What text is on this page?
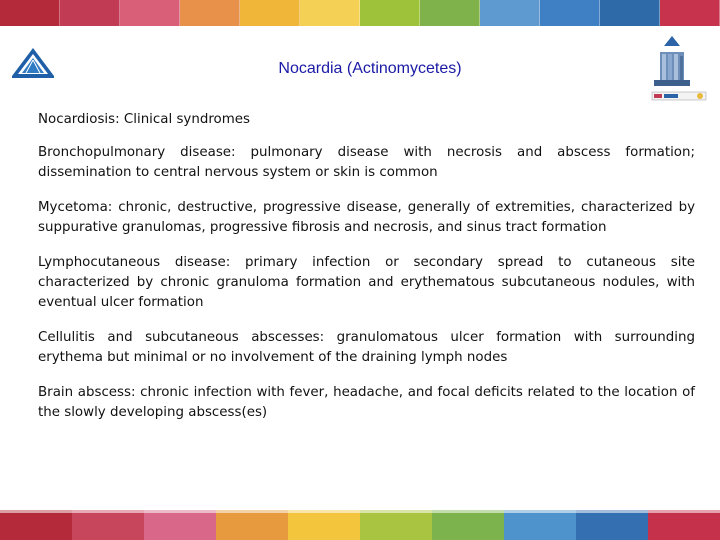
Nocardia (Actinomycetes)
Nocardiosis: Clinical syndromes

Bronchopulmonary disease: pulmonary disease with necrosis and abscess formation; dissemination to central nervous system or skin is common

Mycetoma: chronic, destructive, progressive disease, generally of extremities, characterized by suppurative granulomas, progressive fibrosis and necrosis, and sinus tract formation

Lymphocutaneous disease: primary infection or secondary spread to cutaneous site characterized by chronic granuloma formation and erythematous subcutaneous nodules, with eventual ulcer formation

Cellulitis and subcutaneous abscesses: granulomatous ulcer formation with surrounding erythema but minimal or no involvement of the draining lymph nodes

Brain abscess: chronic infection with fever, headache, and focal deficits related to the location of the slowly developing abscess(es)
